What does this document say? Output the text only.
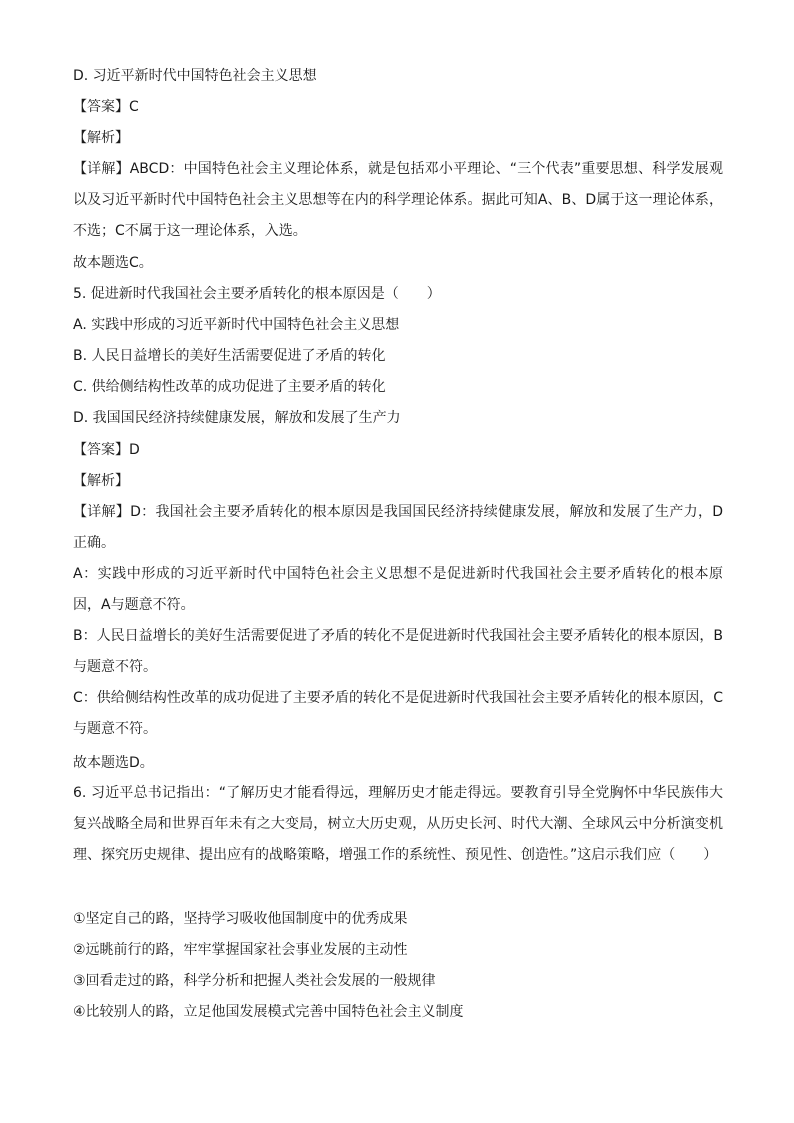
D. 习近平新时代中国特色社会主义思想
【答案】C
【解析】
【详解】ABCD：中国特色社会主义理论体系，就是包括邓小平理论、“三个代表”重要思想、科学发展观以及习近平新时代中国特色社会主义思想等在内的科学理论体系。据此可知A、B、D属于这一理论体系，不选；C不属于这一理论体系，入选。
故本题选C。
5. 促进新时代我国社会主要矛盾转化的根本原因是（　　）
A. 实践中形成的习近平新时代中国特色社会主义思想
B. 人民日益增长的美好生活需要促进了矛盾的转化
C. 供给侧结构性改革的成功促进了主要矛盾的转化
D. 我国国民经济持续健康发展，解放和发展了生产力
【答案】D
【解析】
【详解】D：我国社会主要矛盾转化的根本原因是我国国民经济持续健康发展，解放和发展了生产力，D正确。
A：实践中形成的习近平新时代中国特色社会主义思想不是促进新时代我国社会主要矛盾转化的根本原因，A与题意不符。
B：人民日益增长的美好生活需要促进了矛盾的转化不是促进新时代我国社会主要矛盾转化的根本原因，B与题意不符。
C：供给侧结构性改革的成功促进了主要矛盾的转化不是促进新时代我国社会主要矛盾转化的根本原因，C与题意不符。
故本题选D。
6. 习近平总书记指出：“了解历史才能看得远，理解历史才能走得远。要教育引导全党胸怀中华民族伟大复兴战略全局和世界百年未有之大变局，树立大历史观，从历史长河、时代大潮、全球风云中分析演变机理、探究历史规律、提出应有的战略策略，增强工作的系统性、预见性、创造性。”这启示我们应（　　）
①坚定自己的路，坚持学习吸收他国制度中的优秀成果
②远眺前行的路，牢牢掌握国家社会事业发展的主动性
③回看走过的路，科学分析和把握人类社会发展的一般规律
④比较别人的路，立足他国发展模式完善中国特色社会主义制度
